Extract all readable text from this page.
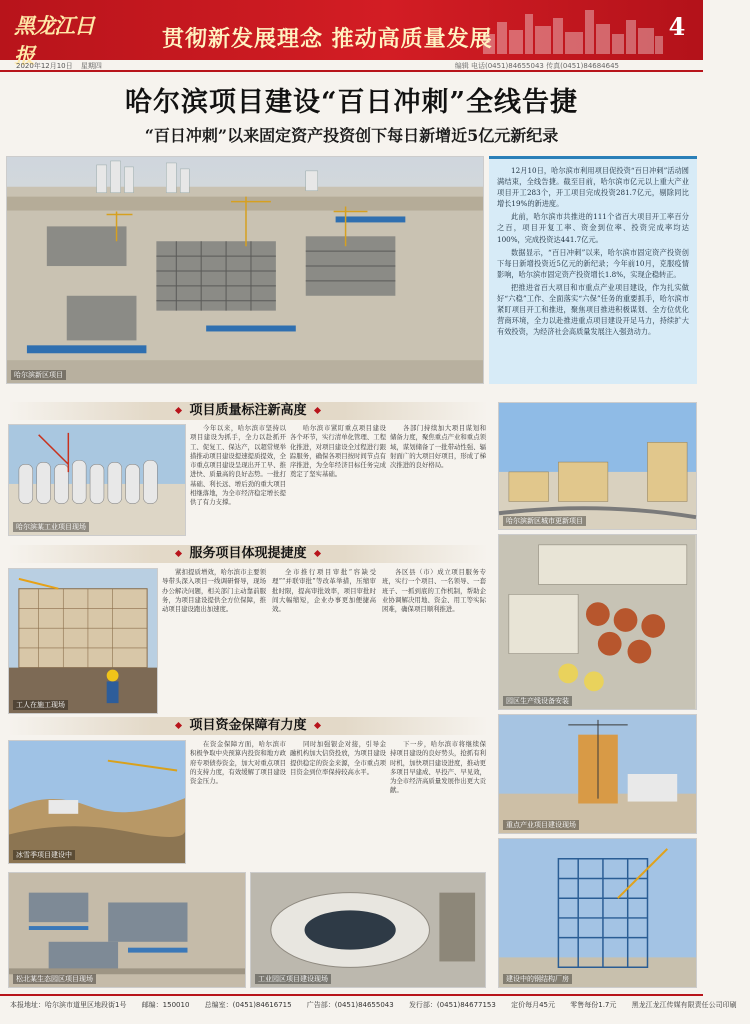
黑龙江日报
贯彻新发展理念 推动高质量发展	4
2020年12月10日 星期四	编辑 电话(0451)84655043 传真(0451)84684645
哈尔滨项目建设“百日冲刺”全线告捷
“百日冲刺”以来固定资产投资创下每日新增近5亿元新纪录
哈尔滨新区项目

12月10日，哈尔滨市利用项目促投资“百日冲刺”活动圆满结束，全线告捷。截至目前，哈尔滨市亿元以上重大产业项目开工283个，开工项目完成投资281.7亿元，剔除同比增长19%的新进度。

此前，哈尔滨市共推进的111个省百大项目开工率百分之百，项目开复工率、资金到位率、投资完成率均达100%，完成投资达441.7亿元。

数据显示，“百日冲刺”以来，哈尔滨市固定资产投资创下每日新增投资近5亿元的新纪录；今年前10月，克服疫情影响，哈尔滨市固定资产投资增长1.8%，实现企稳转正。

把推进省百大项目和市重点产业项目建设，作为扎实做好“六稳”工作、全面落实“六保”任务的重要抓手，哈尔滨市紧盯项目开工和推进，聚焦项目推进积极谋划、全方位优化营商环境，全力以赴推进重点项目建设开足马力，持续扩大有效投资，为经济社会高质量发展注入强劲动力。

项目质量标注新高度
哈尔滨某工业项目现场

今年以来，哈尔滨市坚持以项目建设为抓手，全力以赴抓开工、促复工、保达产，以超常规举措推动项目建设提速提质提效，全市重点项目建设呈现出开工早、推进快、质量高的良好态势。一批打基础、利长远、增后劲的重大项目相继落地，为全市经济稳定增长提供了有力支撑。

哈尔滨市紧盯重点项目建设各个环节，实行清单化管理、工程化推进，对项目建设全过程进行跟踪服务，确保各项目按时间节点有序推进，为全年经济目标任务完成奠定了坚实基础。

各部门持续加大项目谋划和储备力度，聚焦重点产业和重点领域，谋划储备了一批带动性强、辐射面广的大项目好项目，形成了梯次推进的良好格局。

服务项目体现提捷度
工人在施工现场

紧扣提质增效，哈尔滨市主要领导带头深入项目一线调研督导，现场办公解决问题，相关部门主动靠前服务，为项目建设提供全方位保障，推动项目建设跑出加速度。

全市推行项目审批“容缺受理”“并联审批”等改革举措，压缩审批时限，提高审批效率，项目审批时间大幅缩短，企业办事更加便捷高效。

各区县（市）成立项目服务专班，实行一个项目、一名领导、一套班子、一抓到底的工作机制，帮助企业协调解决用地、资金、用工等实际困难，确保项目顺利推进。

项目资金保障有力度
冰雪季项目建设中

在资金保障方面，哈尔滨市积极争取中央预算内投资和地方政府专项债券资金，加大对重点项目的支持力度，有效缓解了项目建设资金压力。

同时加强银企对接，引导金融机构加大信贷投放，为项目建设提供稳定的资金来源，全市重点项目资金到位率保持较高水平。

下一步，哈尔滨市将继续保持项目建设的良好势头，抢抓有利时机，加快项目建设进度，推动更多项目早建成、早投产、早见效，为全市经济高质量发展作出更大贡献。

松北某生态园区项目现场	工业园区项目建设现场
哈尔滨新区城市更新项目
园区生产线设备安装
重点产业项目建设现场
建设中的钢结构厂房
本报地址：哈尔滨市道里区地段街1号 邮编：150010 总编室：(0451)84616715 广告部：(0451)84655043 发行部：(0451)84677153 定价每月45元 零售每份1.7元 黑龙江龙江传媒有限责任公司印刷
